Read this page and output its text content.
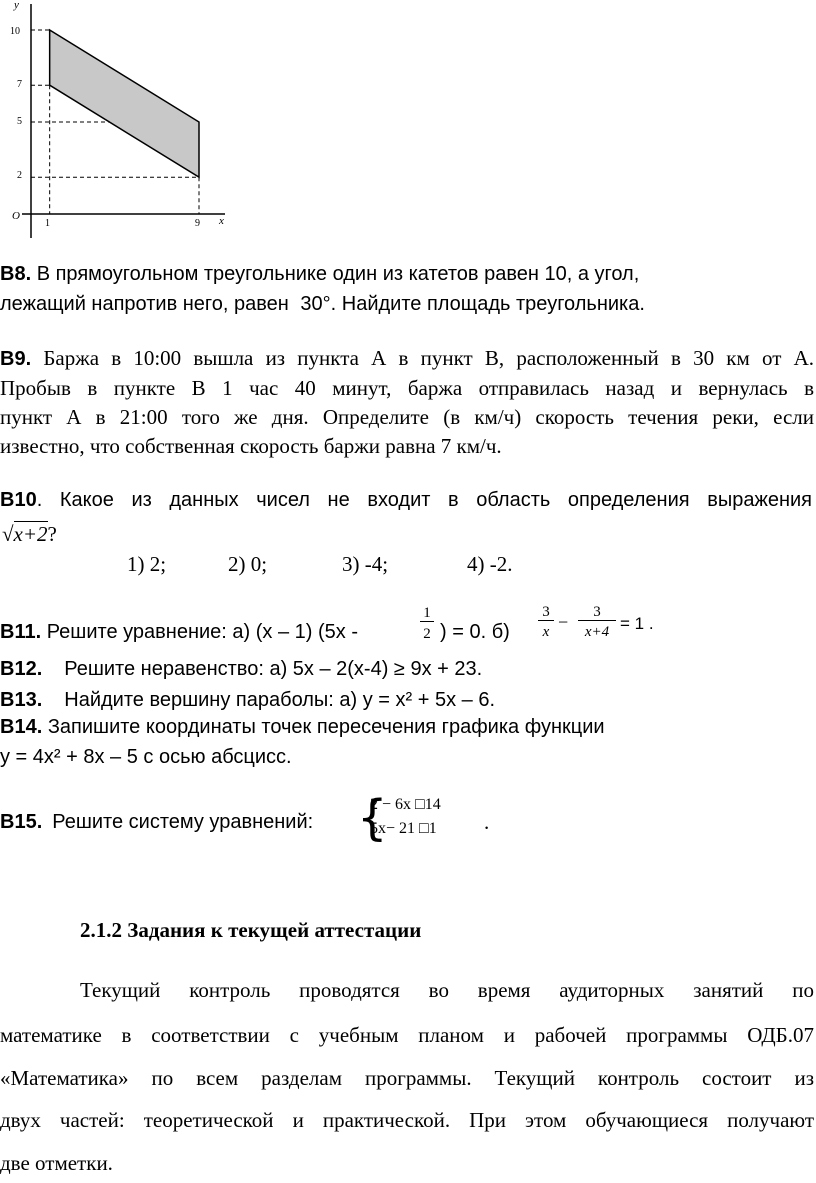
y
x
O
10
7
5
2
1	9
B8. В прямоугольном треугольнике один из катетов равен 10, а угол,
лежащий напротив него, равен 30°. Найдите площадь треугольника.
B9. Баржа в 10:00 вышла из пункта А в пункт В, расположенный в 30 км от А.
Пробыв в пункте В 1 час 40 минут, баржа отправилась назад и вернулась в
пункт А в 21:00 того же дня. Определите (в км/ч) скорость течения реки, если
известно, что собственная скорость баржи равна 7 км/ч.
B10. Какое из данных чисел не входит в область определения выражения
√x+2?
1) 2;	2) 0;	3) -4;	4) -2.
B11. Решите уравнение: а) (x – 1) (5x -	$\frac{1}{2}$ ) = 0. $б) \frac{3}{x} - \frac{3}{x+4} = 1$ .
B12. Решите неравенство: а) 5x – 2(x-4) ≥ 9x + 23.
B13. Найдите вершину параболы: а) у = x² + 5x – 6.
B14. Запишите координаты точек пересечения графика функции
у = 4x² + 8x – 5 с осью абсцисс.
B15. Решите систему уравнений: {
2 − 6x □14
5x− 21 □1 .
2.1.2 Задания к текущей аттестации
Текущий контроль проводятся во время аудиторных занятий по
математике в соответствии с учебным планом и рабочей программы ОДБ.07
«Математика» по всем разделам программы. Текущий контроль состоит из
двух частей: теоретической и практической. При этом обучающиеся получают
две отметки.
